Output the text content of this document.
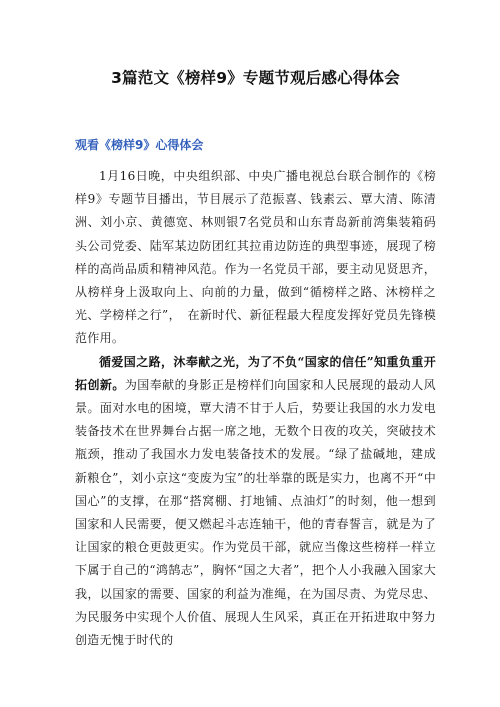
3篇范文《榜样9》专题节观后感心得体会
观看《榜样9》心得体会

1月16日晚，中央组织部、中央广播电视总台联合制作的《榜样9》专题节目播出，节目展示了范振喜、钱素云、覃大清、陈清洲、刘小京、黄德宽、林则银7名党员和山东青岛新前湾集装箱码头公司党委、陆军某边防团红其拉甫边防连的典型事迹，展现了榜样的高尚品质和精神风范。作为一名党员干部，要主动见贤思齐，从榜样身上汲取向上、向前的力量，做到“循榜样之路、沐榜样之光、学榜样之行”，　在新时代、新征程最大程度发挥好党员先锋模范作用。

循爱国之路，沐奉献之光，为了不负“国家的信任”知重负重开拓创新。为国奉献的身影正是榜样们向国家和人民展现的最动人风景。面对水电的困境，覃大清不甘于人后，势要让我国的水力发电装备技术在世界舞台占据一席之地，无数个日夜的攻关，突破技术瓶颈，推动了我国水力发电装备技术的发展。“绿了盐碱地，建成新粮仓”，刘小京这“变废为宝”的壮举靠的既是实力，也离不开“中国心”的支撑，在那“搭窝棚、打地铺、点油灯”的时刻，他一想到国家和人民需要，便又燃起斗志连轴干，他的青春誓言，就是为了让国家的粮仓更鼓更实。作为党员干部，就应当像这些榜样一样立下属于自己的“鸿鹄志”，胸怀“国之大者”，把个人小我融入国家大我，以国家的需要、国家的利益为准绳，在为国尽责、为党尽忠、为民服务中实现个人价值、展现人生风采，真正在开拓进取中努力创造无愧于时代的
